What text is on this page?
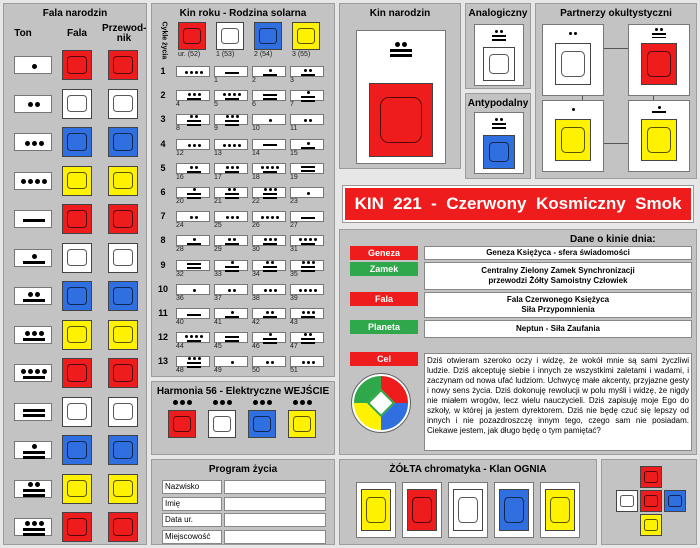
Fala narodzin
Ton	Fala	Przewod-
nik
Kin roku - Rodzina solarna
Cykle życia ur. (52) 1 (53)	2 (54)	3 (55)
1
1	2	3
2
4	5	6	7
3
8	9	10	11
4
12	13	14	15
5
16	17	18	19
6
20	21	22	23
7
24	25	26	27
8
28	29	30	31
9
32	33	34	35
10
36	37	38	39
11
40	41	42	43
12
44	45	46	47
13
48	49	50	51
Harmonia 56 - Elektryczne WEJŚCIE
Program życia
Nazwisko
Imię
Data ur.
Miejscowość
Kin narodzin	Analogiczny
Antypodalny
Partnerzy okultystyczni
KIN  221  -  Czerwony  Kosmiczny  Smok
Dane o kinie dnia:
Geneza	Geneza Księżyca - sfera świadomości
Zamek	Centralny Zielony Zamek Synchronizacji
przewodzi Żółty Samoistny Człowiek
Fala	Fala Czerwonego Księżyca
Siła Przypomnienia
Planeta	Neptun - Siła Zaufania
Cel	Dziś otwieram szeroko oczy i widzę, że wokół mnie są sami życzliwi ludzie. Dziś akceptuję siebie i innych ze wszystkimi zaletami i wadami, i zaczynam od nowa ufać ludziom. Uchwycę małe akcenty, przyjazne gesty i nowy sens życia. Dziś dokonuję rewolucji w polu myśli i widzę, że nigdy nie miałem wrogów, lecz wielu nauczycieli. Dziś zapisuję moje Ego do szkoły, w której ja jestem dyrektorem. Dziś nie będę czuć się lepszy od innych i nie pozazdroszczę innym tego, czego sam nie posiadam. Ciekawe jestem, jak długo będę o tym pamiętać?
ŻÓŁTA chromatyka - Klan OGNIA
